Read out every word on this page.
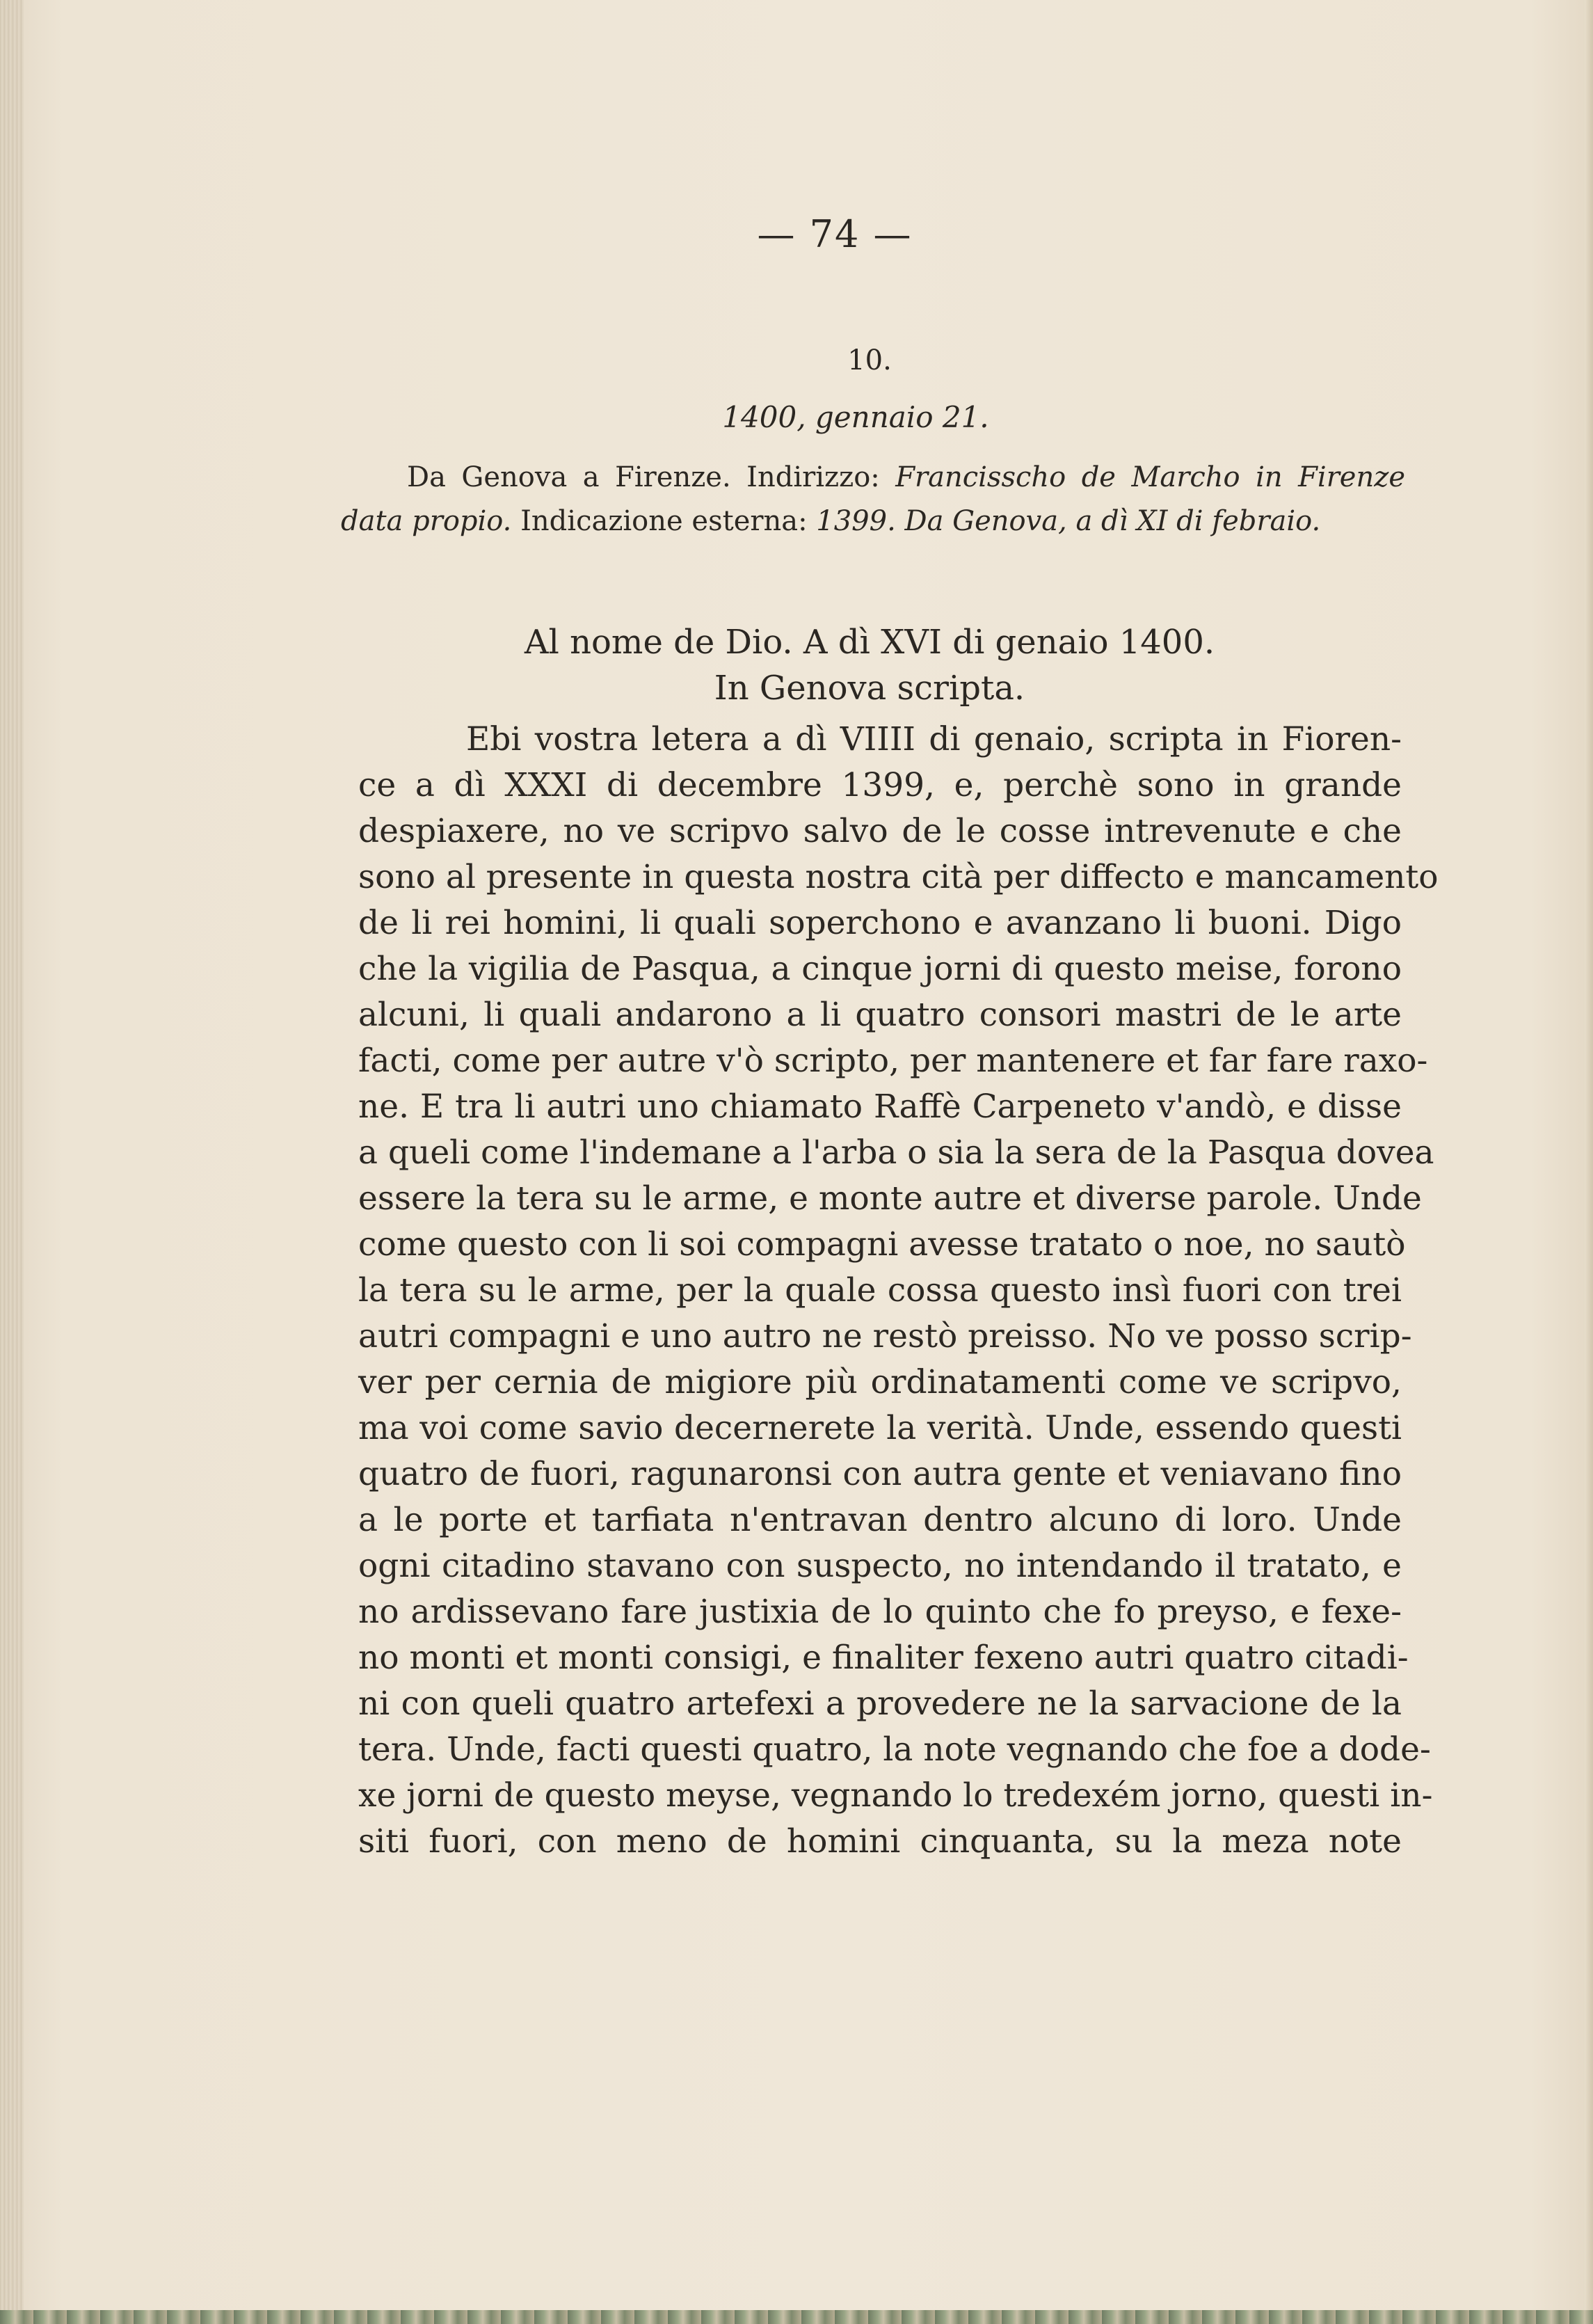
— 74 —
10.
1400, gennaio 21.
Da Genova a Firenze. Indirizzo: Francisscho de Marcho in Firenze data propio. Indicazione esterna: 1399. Da Genova, a dì XI di febraio.
Al nome de Dio. A dì XVI di genaio 1400.
In Genova scripta.
Ebi vostra letera a dì VIIII di genaio, scripta in Fioren-
ce a dì XXXI di decembre 1399, e, perchè sono in grande
despiaxere, no ve scripvo salvo de le cosse intrevenute e che
sono al presente in questa nostra cità per diffecto e mancamento
de li rei homini, li quali soperchono e avanzano li buoni. Digo
che la vigilia de Pasqua, a cinque jorni di questo meise, forono
alcuni, li quali andarono a li quatro consori mastri de le arte
facti, come per autre v'ò scripto, per mantenere et far fare raxo-
ne. E tra li autri uno chiamato Raffè Carpeneto v'andò, e disse
a queli come l'indemane a l'arba o sia la sera de la Pasqua dovea
essere la tera su le arme, e monte autre et diverse parole. Unde
come questo con li soi compagni avesse tratato o noe, no sautò
la tera su le arme, per la quale cossa questo insì fuori con trei
autri compagni e uno autro ne restò preisso. No ve posso scrip-
ver per cernia de migiore più ordinatamenti come ve scripvo,
ma voi come savio decernerete la verità. Unde, essendo questi
quatro de fuori, ragunaronsi con autra gente et veniavano fino
a le porte et tarfiata n'entravan dentro alcuno di loro. Unde
ogni citadino stavano con suspecto, no intendando il tratato, e
no ardissevano fare justixia de lo quinto che fo preyso, e fexe-
no monti et monti consigi, e finaliter fexeno autri quatro citadi-
ni con queli quatro artefexi a provedere ne la sarvacione de la
tera. Unde, facti questi quatro, la note vegnando che foe a dode-
xe jorni de questo meyse, vegnando lo tredexém jorno, questi in-
siti fuori, con meno de homini cinquanta, su la meza note
